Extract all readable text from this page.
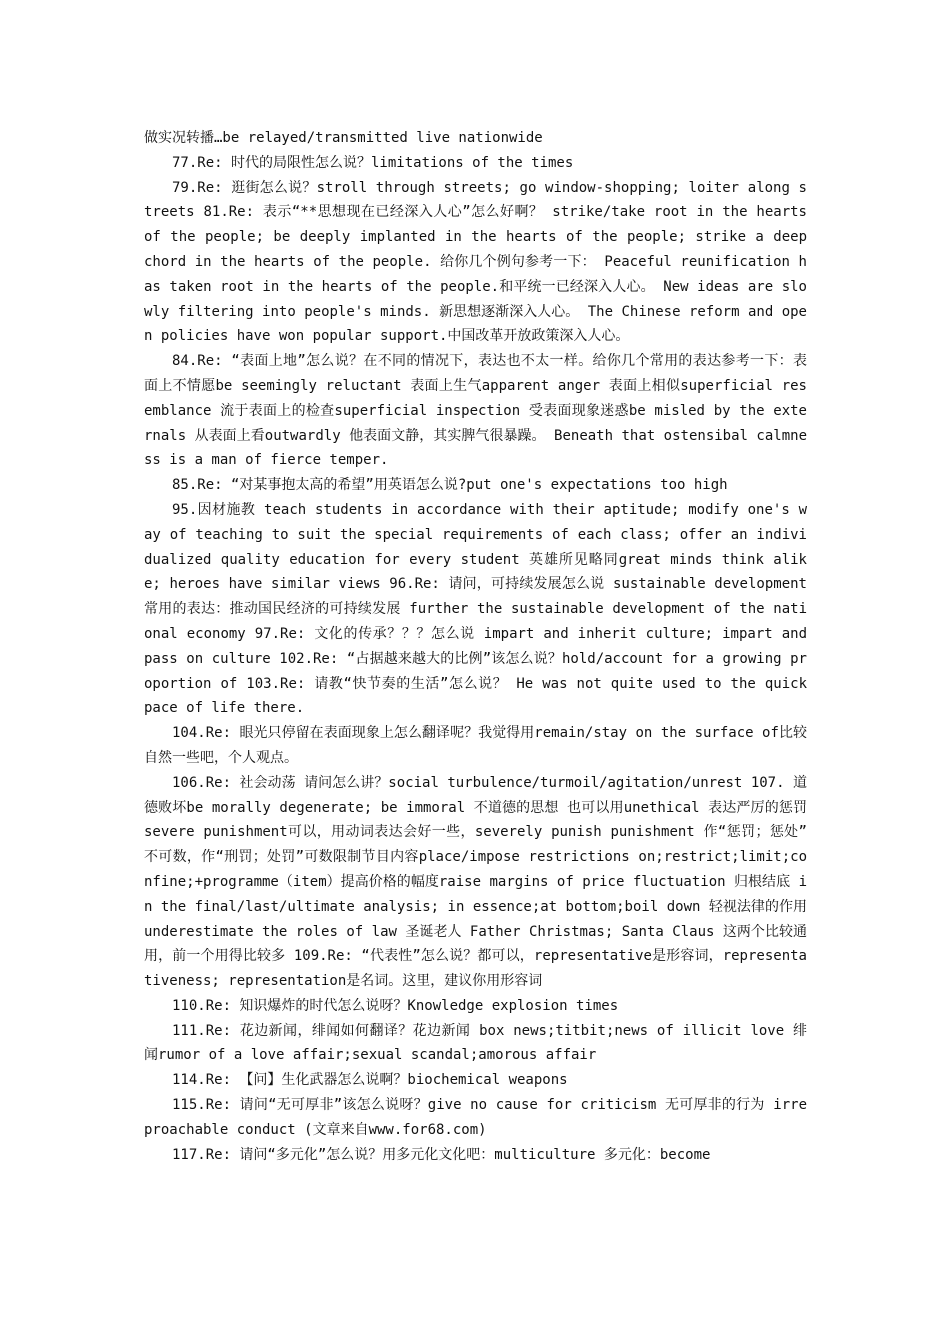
做实况转播…be relayed/transmitted live nationwide

77.Re: 时代的局限性怎么说？limitations of the times

79.Re: 逛街怎么说？stroll through streets; go window-shopping; loiter along streets 81.Re: 表示“**思想现在已经深入人心”怎么好啊？ strike/take root in the hearts of the people; be deeply implanted in the hearts of the people; strike a deep chord in the hearts of the people. 给你几个例句参考一下： Peaceful reunification has taken root in the hearts of the people.和平统一已经深入人心。 New ideas are slowly filtering into people's minds. 新思想逐渐深入人心。 The Chinese reform and open policies have won popular support.中国改革开放政策深入人心。

84.Re: “表面上地”怎么说？在不同的情况下，表达也不太一样。给你几个常用的表达参考一下：表面上不情愿be seemingly reluctant 表面上生气apparent anger 表面上相似superficial resemblance 流于表面上的检查superficial inspection 受表面现象迷惑be misled by the externals 从表面上看outwardly 他表面文静，其实脾气很暴躁。 Beneath that ostensibal calmness is a man of fierce temper.

85.Re: “对某事抱太高的希望”用英语怎么说?put one's expectations too high

95.因材施教 teach students in accordance with their aptitude; modify one's way of teaching to suit the special requirements of each class; offer an individualized quality education for every student 英雄所见略同great minds think alike; heroes have similar views 96.Re: 请问，可持续发展怎么说 sustainable development 常用的表达：推动国民经济的可持续发展 further the sustainable development of the national economy 97.Re: 文化的传承？？？怎么说 impart and inherit culture; impart and pass on culture 102.Re: “占据越来越大的比例”该怎么说？hold/account for a growing proportion of 103.Re: 请教“快节奏的生活”怎么说？ He was not quite used to the quick pace of life there.

104.Re: 眼光只停留在表面现象上怎么翻译呢？我觉得用remain/stay on the surface of比较自然一些吧，个人观点。

106.Re: 社会动荡 请问怎么讲？social turbulence/turmoil/agitation/unrest 107. 道德败坏be morally degenerate; be immoral 不道德的思想 也可以用unethical 表达严厉的惩罚 severe punishment可以，用动词表达会好一些，severely punish punishment 作“惩罚；惩处” 不可数，作“刑罚；处罚”可数限制节目内容place/impose restrictions on;restrict;limit;confine;+programme（item）提高价格的幅度raise margins of price fluctuation 归根结底 in the final/last/ultimate analysis; in essence;at bottom;boil down 轻视法律的作用 underestimate the roles of law 圣诞老人 Father Christmas; Santa Claus 这两个比较通用，前一个用得比较多 109.Re: “代表性”怎么说？都可以，representative是形容词，representativeness; representation是名词。这里，建议你用形容词

110.Re: 知识爆炸的时代怎么说呀？Knowledge explosion times

111.Re: 花边新闻，绯闻如何翻译？花边新闻 box news;titbit;news of illicit love 绯闻rumor of a love affair;sexual scandal;amorous affair

114.Re: 【问】生化武器怎么说啊？biochemical weapons

115.Re: 请问“无可厚非”该怎么说呀？give no cause for criticism 无可厚非的行为 irreproachable conduct (文章来自www.for68.com)

117.Re: 请问“多元化”怎么说？用多元化文化吧：multiculture 多元化：become
